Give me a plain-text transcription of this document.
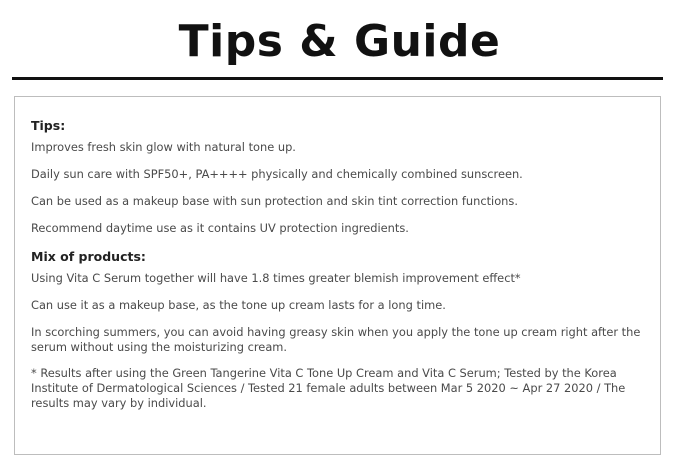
Tips & Guide
Tips:

Improves fresh skin glow with natural tone up.

Daily sun care with SPF50+, PA++++ physically and chemically combined sunscreen.

Can be used as a makeup base with sun protection and skin tint correction functions.

Recommend daytime use as it contains UV protection ingredients.

Mix of products:

Using Vita C Serum together will have 1.8 times greater blemish improvement effect*

Can use it as a makeup base, as the tone up cream lasts for a long time.

In scorching summers, you can avoid having greasy skin when you apply the tone up cream right after the serum without using the moisturizing cream.

* Results after using the Green Tangerine Vita C Tone Up Cream and Vita C Serum; Tested by the Korea Institute of Dermatological Sciences / Tested 21 female adults between Mar 5 2020 ~ Apr 27 2020 / The results may vary by individual.
